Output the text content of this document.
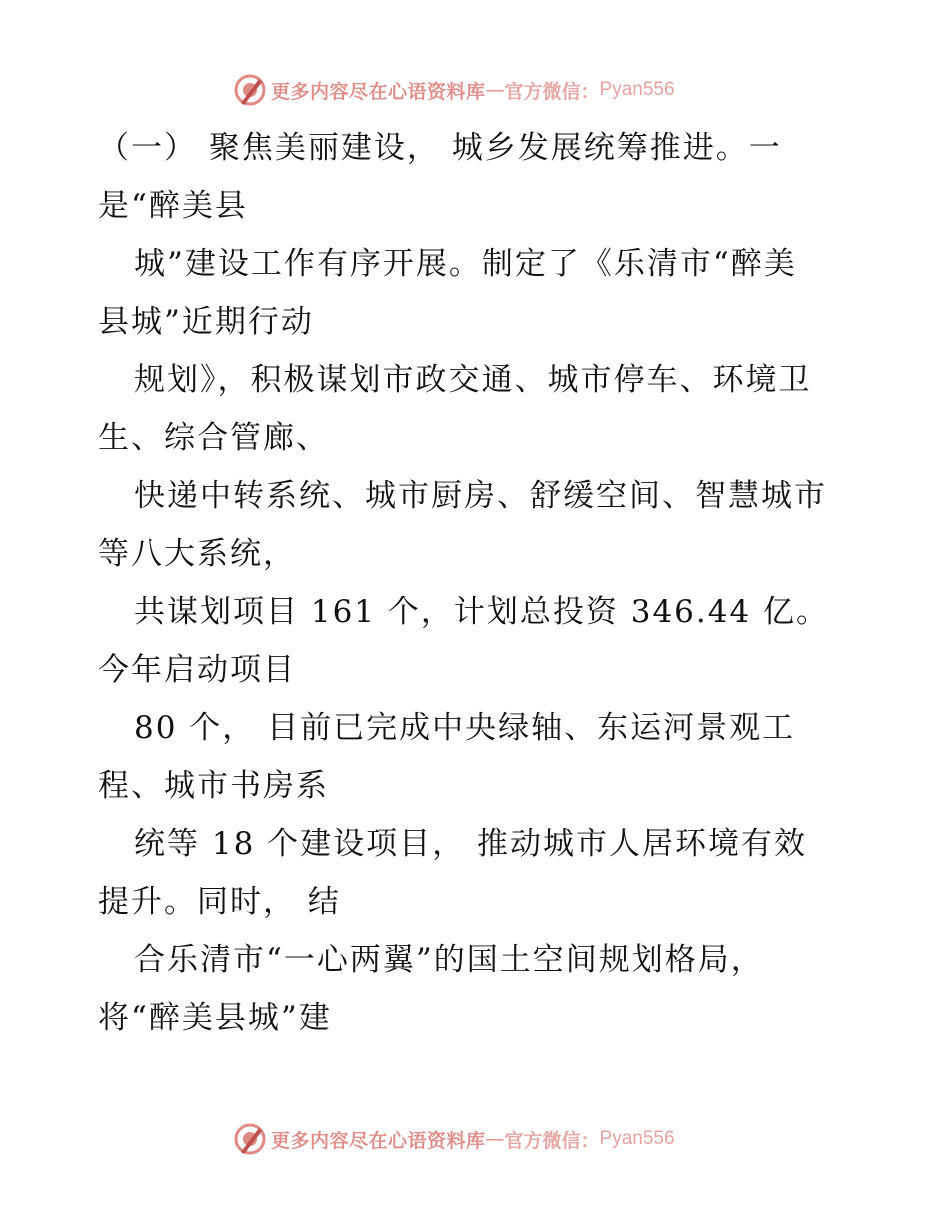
更多内容尽在心语资料库 — 官方微信： Pyan556
（一） 聚焦美丽建设， 城乡发展统筹推进。一
是“醉美县
城”建设工作有序开展。制定了《乐清市“醉美
县城”近期行动
规划》，积极谋划市政交通、城市停车、环境卫
生、综合管廊、
快递中转系统、城市厨房、舒缓空间、智慧城市
等八大系统，
共谋划项目 161 个，计划总投资 346.44 亿。
今年启动项目
80 个， 目前已完成中央绿轴、东运河景观工
程、城市书房系
统等 18 个建设项目， 推动城市人居环境有效
提升。同时， 结
合乐清市“一心两翼”的国土空间规划格局，
将“醉美县城”建
更多内容尽在心语资料库 — 官方微信： Pyan556
